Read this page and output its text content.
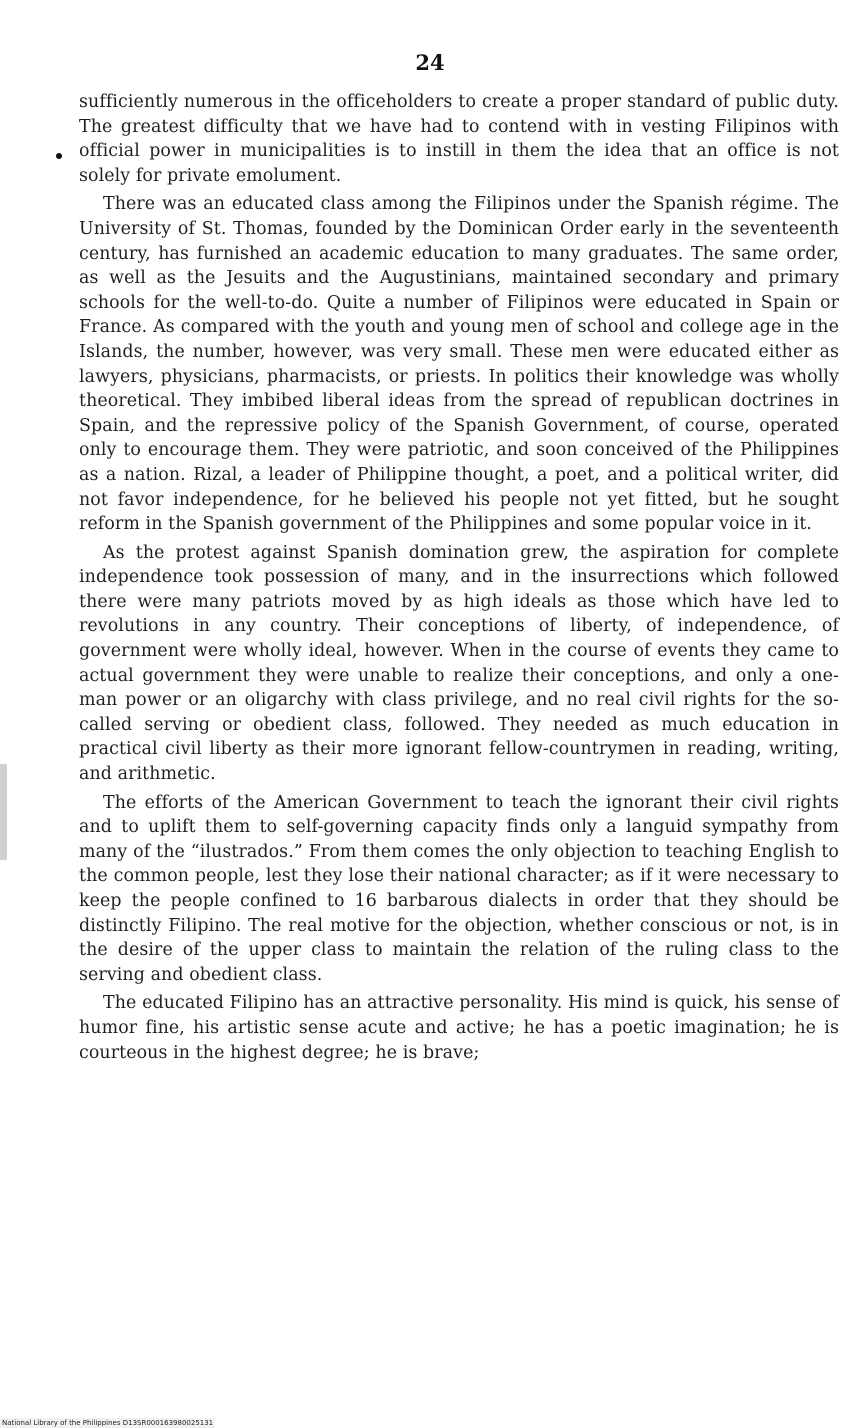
24

sufficiently numerous in the officeholders to create a proper standard of public duty. The greatest difficulty that we have had to contend with in vesting Filipinos with official power in municipalities is to instill in them the idea that an office is not solely for private emolument.

There was an educated class among the Filipinos under the Spanish régime. The University of St. Thomas, founded by the Dominican Order early in the seventeenth century, has furnished an academic education to many graduates. The same order, as well as the Jesuits and the Augustinians, maintained secondary and primary schools for the well-to-do. Quite a number of Filipinos were educated in Spain or France. As compared with the youth and young men of school and college age in the Islands, the number, however, was very small. These men were educated either as lawyers, physicians, pharmacists, or priests. In politics their knowledge was wholly theoretical. They imbibed liberal ideas from the spread of republican doctrines in Spain, and the repressive policy of the Spanish Government, of course, operated only to encourage them. They were patriotic, and soon conceived of the Philippines as a nation. Rizal, a leader of Philippine thought, a poet, and a political writer, did not favor independence, for he believed his people not yet fitted, but he sought reform in the Spanish government of the Philippines and some popular voice in it.

As the protest against Spanish domination grew, the aspiration for complete independence took possession of many, and in the insurrections which followed there were many patriots moved by as high ideals as those which have led to revolutions in any country. Their conceptions of liberty, of independence, of government were wholly ideal, however. When in the course of events they came to actual government they were unable to realize their conceptions, and only a one-man power or an oligarchy with class privilege, and no real civil rights for the so-called serving or obedient class, followed. They needed as much education in practical civil liberty as their more ignorant fellow-countrymen in reading, writing, and arithmetic.

The efforts of the American Government to teach the ignorant their civil rights and to uplift them to self-governing capacity finds only a languid sympathy from many of the “ilustrados.” From them comes the only objection to teaching English to the common people, lest they lose their national character; as if it were necessary to keep the people confined to 16 barbarous dialects in order that they should be distinctly Filipino. The real motive for the objection, whether conscious or not, is in the desire of the upper class to maintain the relation of the ruling class to the serving and obedient class.

The educated Filipino has an attractive personality. His mind is quick, his sense of humor fine, his artistic sense acute and active; he has a poetic imagination; he is courteous in the highest degree; he is brave;

National Library of the Philippines D13SR000163980025131
